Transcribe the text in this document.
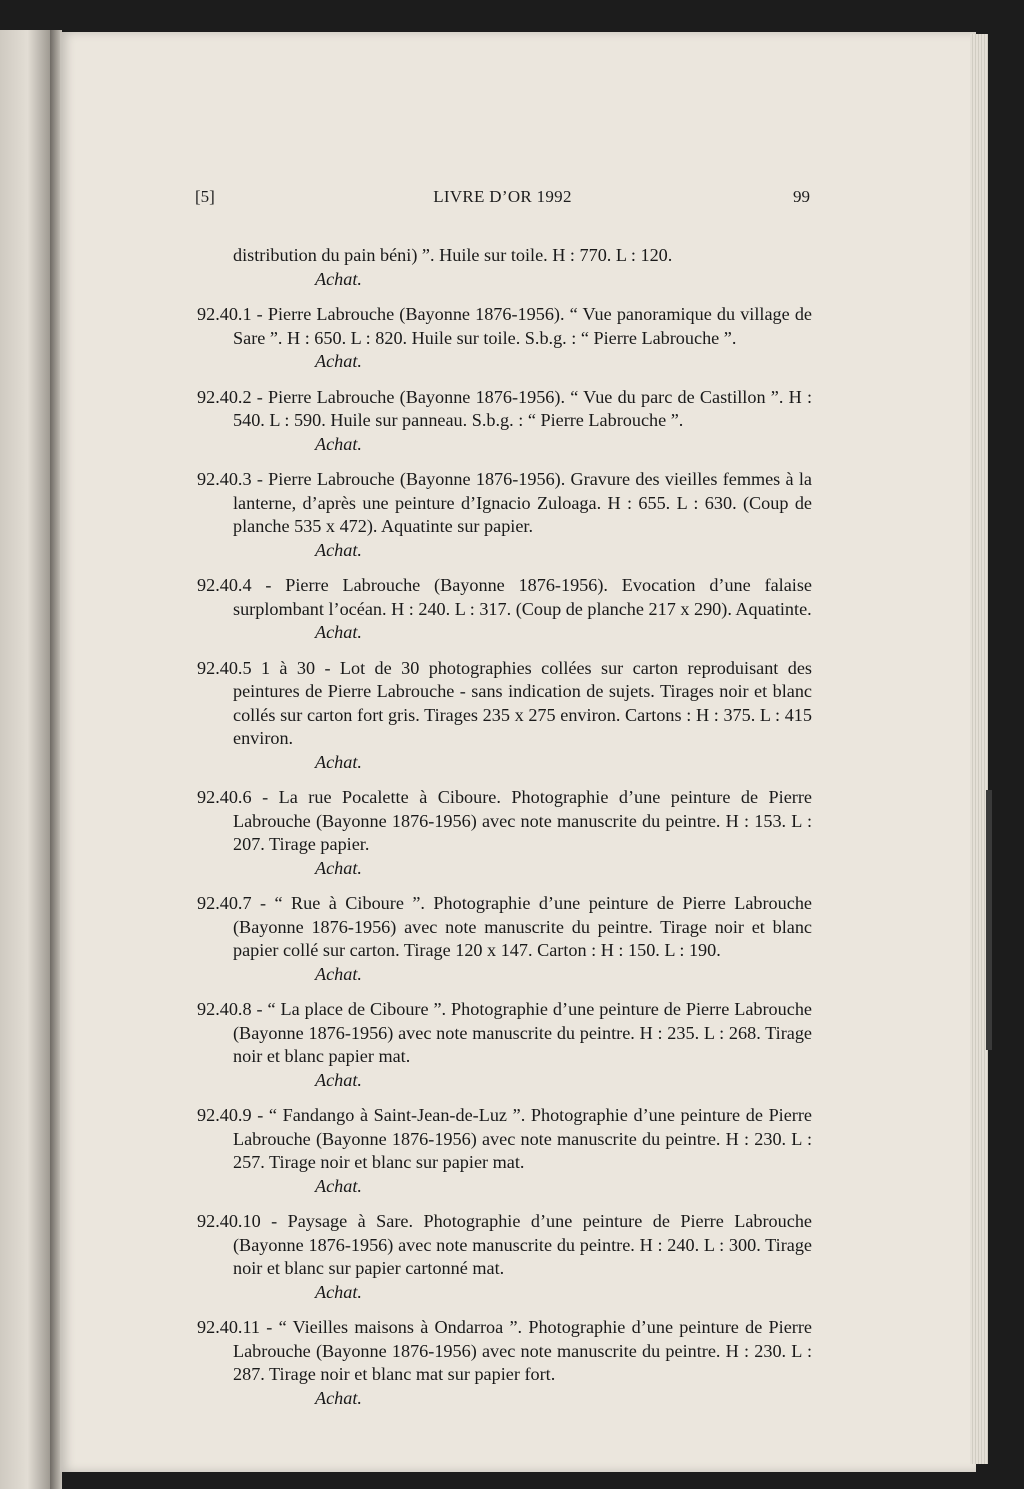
[5]	LIVRE D’OR 1992	99

distribution du pain béni) ”. Huile sur toile. H : 770. L : 120.

Achat.

92.40.1 - Pierre Labrouche (Bayonne 1876-1956). “ Vue panoramique du village de Sare ”. H : 650. L : 820. Huile sur toile. S.b.g. : “ Pierre Labrouche ”.

Achat.

92.40.2 - Pierre Labrouche (Bayonne 1876-1956). “ Vue du parc de Castillon ”. H : 540. L : 590. Huile sur panneau. S.b.g. : “ Pierre Labrouche ”.

Achat.

92.40.3 - Pierre Labrouche (Bayonne 1876-1956). Gravure des vieilles femmes à la lanterne, d’après une peinture d’Ignacio Zuloaga. H : 655. L : 630. (Coup de planche 535 x 472). Aquatinte sur papier.

Achat.

92.40.4 - Pierre Labrouche (Bayonne 1876-1956). Evocation d’une falaise surplombant l’océan. H : 240. L : 317. (Coup de planche 217 x 290). Aquatinte.

Achat.

92.40.5 1 à 30 - Lot de 30 photographies collées sur carton reproduisant des peintures de Pierre Labrouche - sans indication de sujets. Tirages noir et blanc collés sur carton fort gris. Tirages 235 x 275 environ. Cartons : H : 375. L : 415 environ.

Achat.

92.40.6 - La rue Pocalette à Ciboure. Photographie d’une peinture de Pierre Labrouche (Bayonne 1876-1956) avec note manuscrite du peintre. H : 153. L : 207. Tirage papier.

Achat.

92.40.7 - “ Rue à Ciboure ”. Photographie d’une peinture de Pierre Labrouche (Bayonne 1876-1956) avec note manuscrite du peintre. Tirage noir et blanc papier collé sur carton. Tirage 120 x 147. Carton : H : 150. L : 190.

Achat.

92.40.8 - “ La place de Ciboure ”. Photographie d’une peinture de Pierre Labrouche (Bayonne 1876-1956) avec note manuscrite du peintre. H : 235. L : 268. Tirage noir et blanc papier mat.

Achat.

92.40.9 - “ Fandango à Saint-Jean-de-Luz ”. Photographie d’une peinture de Pierre Labrouche (Bayonne 1876-1956) avec note manuscrite du peintre. H : 230. L : 257. Tirage noir et blanc sur papier mat.

Achat.

92.40.10 - Paysage à Sare. Photographie d’une peinture de Pierre Labrouche (Bayonne 1876-1956) avec note manuscrite du peintre. H : 240. L : 300. Tirage noir et blanc sur papier cartonné mat.

Achat.

92.40.11 - “ Vieilles maisons à Ondarroa ”. Photographie d’une peinture de Pierre Labrouche (Bayonne 1876-1956) avec note manuscrite du peintre. H : 230. L : 287. Tirage noir et blanc mat sur papier fort.

Achat.
